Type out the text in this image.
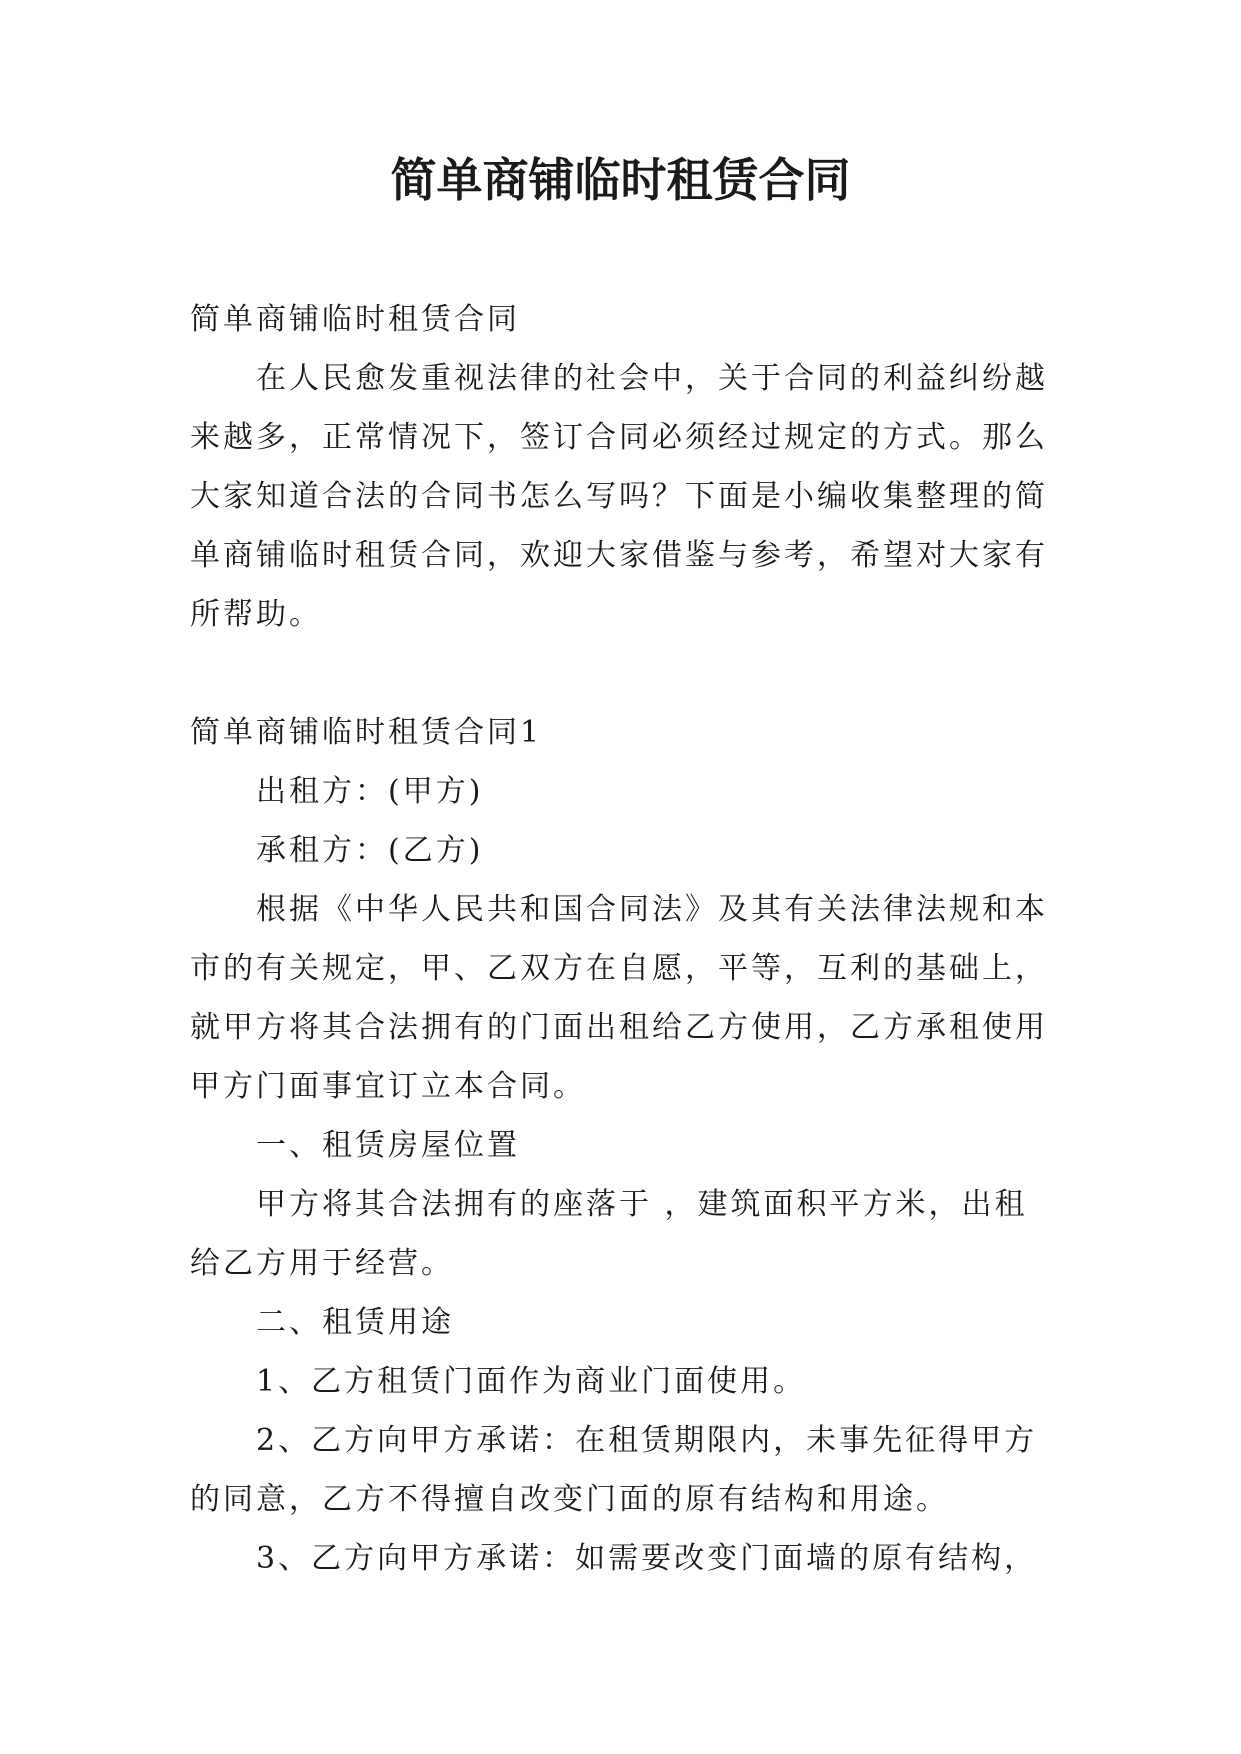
简单商铺临时租赁合同

简单商铺临时租赁合同

在人民愈发重视法律的社会中，关于合同的利益纠纷越来越多，正常情况下，签订合同必须经过规定的方式。那么大家知道合法的合同书怎么写吗？下面是小编收集整理的简单商铺临时租赁合同，欢迎大家借鉴与参考，希望对大家有所帮助。

简单商铺临时租赁合同1

出租方：(甲方)

承租方：(乙方)

根据《中华人民共和国合同法》及其有关法律法规和本市的有关规定，甲、乙双方在自愿，平等，互利的基础上，就甲方将其合法拥有的门面出租给乙方使用，乙方承租使用甲方门面事宜订立本合同。

一、租赁房屋位置

甲方将其合法拥有的座落于 ，建筑面积平方米，出租给乙方用于经营。

二、租赁用途

1、乙方租赁门面作为商业门面使用。

2、乙方向甲方承诺：在租赁期限内，未事先征得甲方的同意，乙方不得擅自改变门面的原有结构和用途。

3、乙方向甲方承诺：如需要改变门面墙的原有结构，
